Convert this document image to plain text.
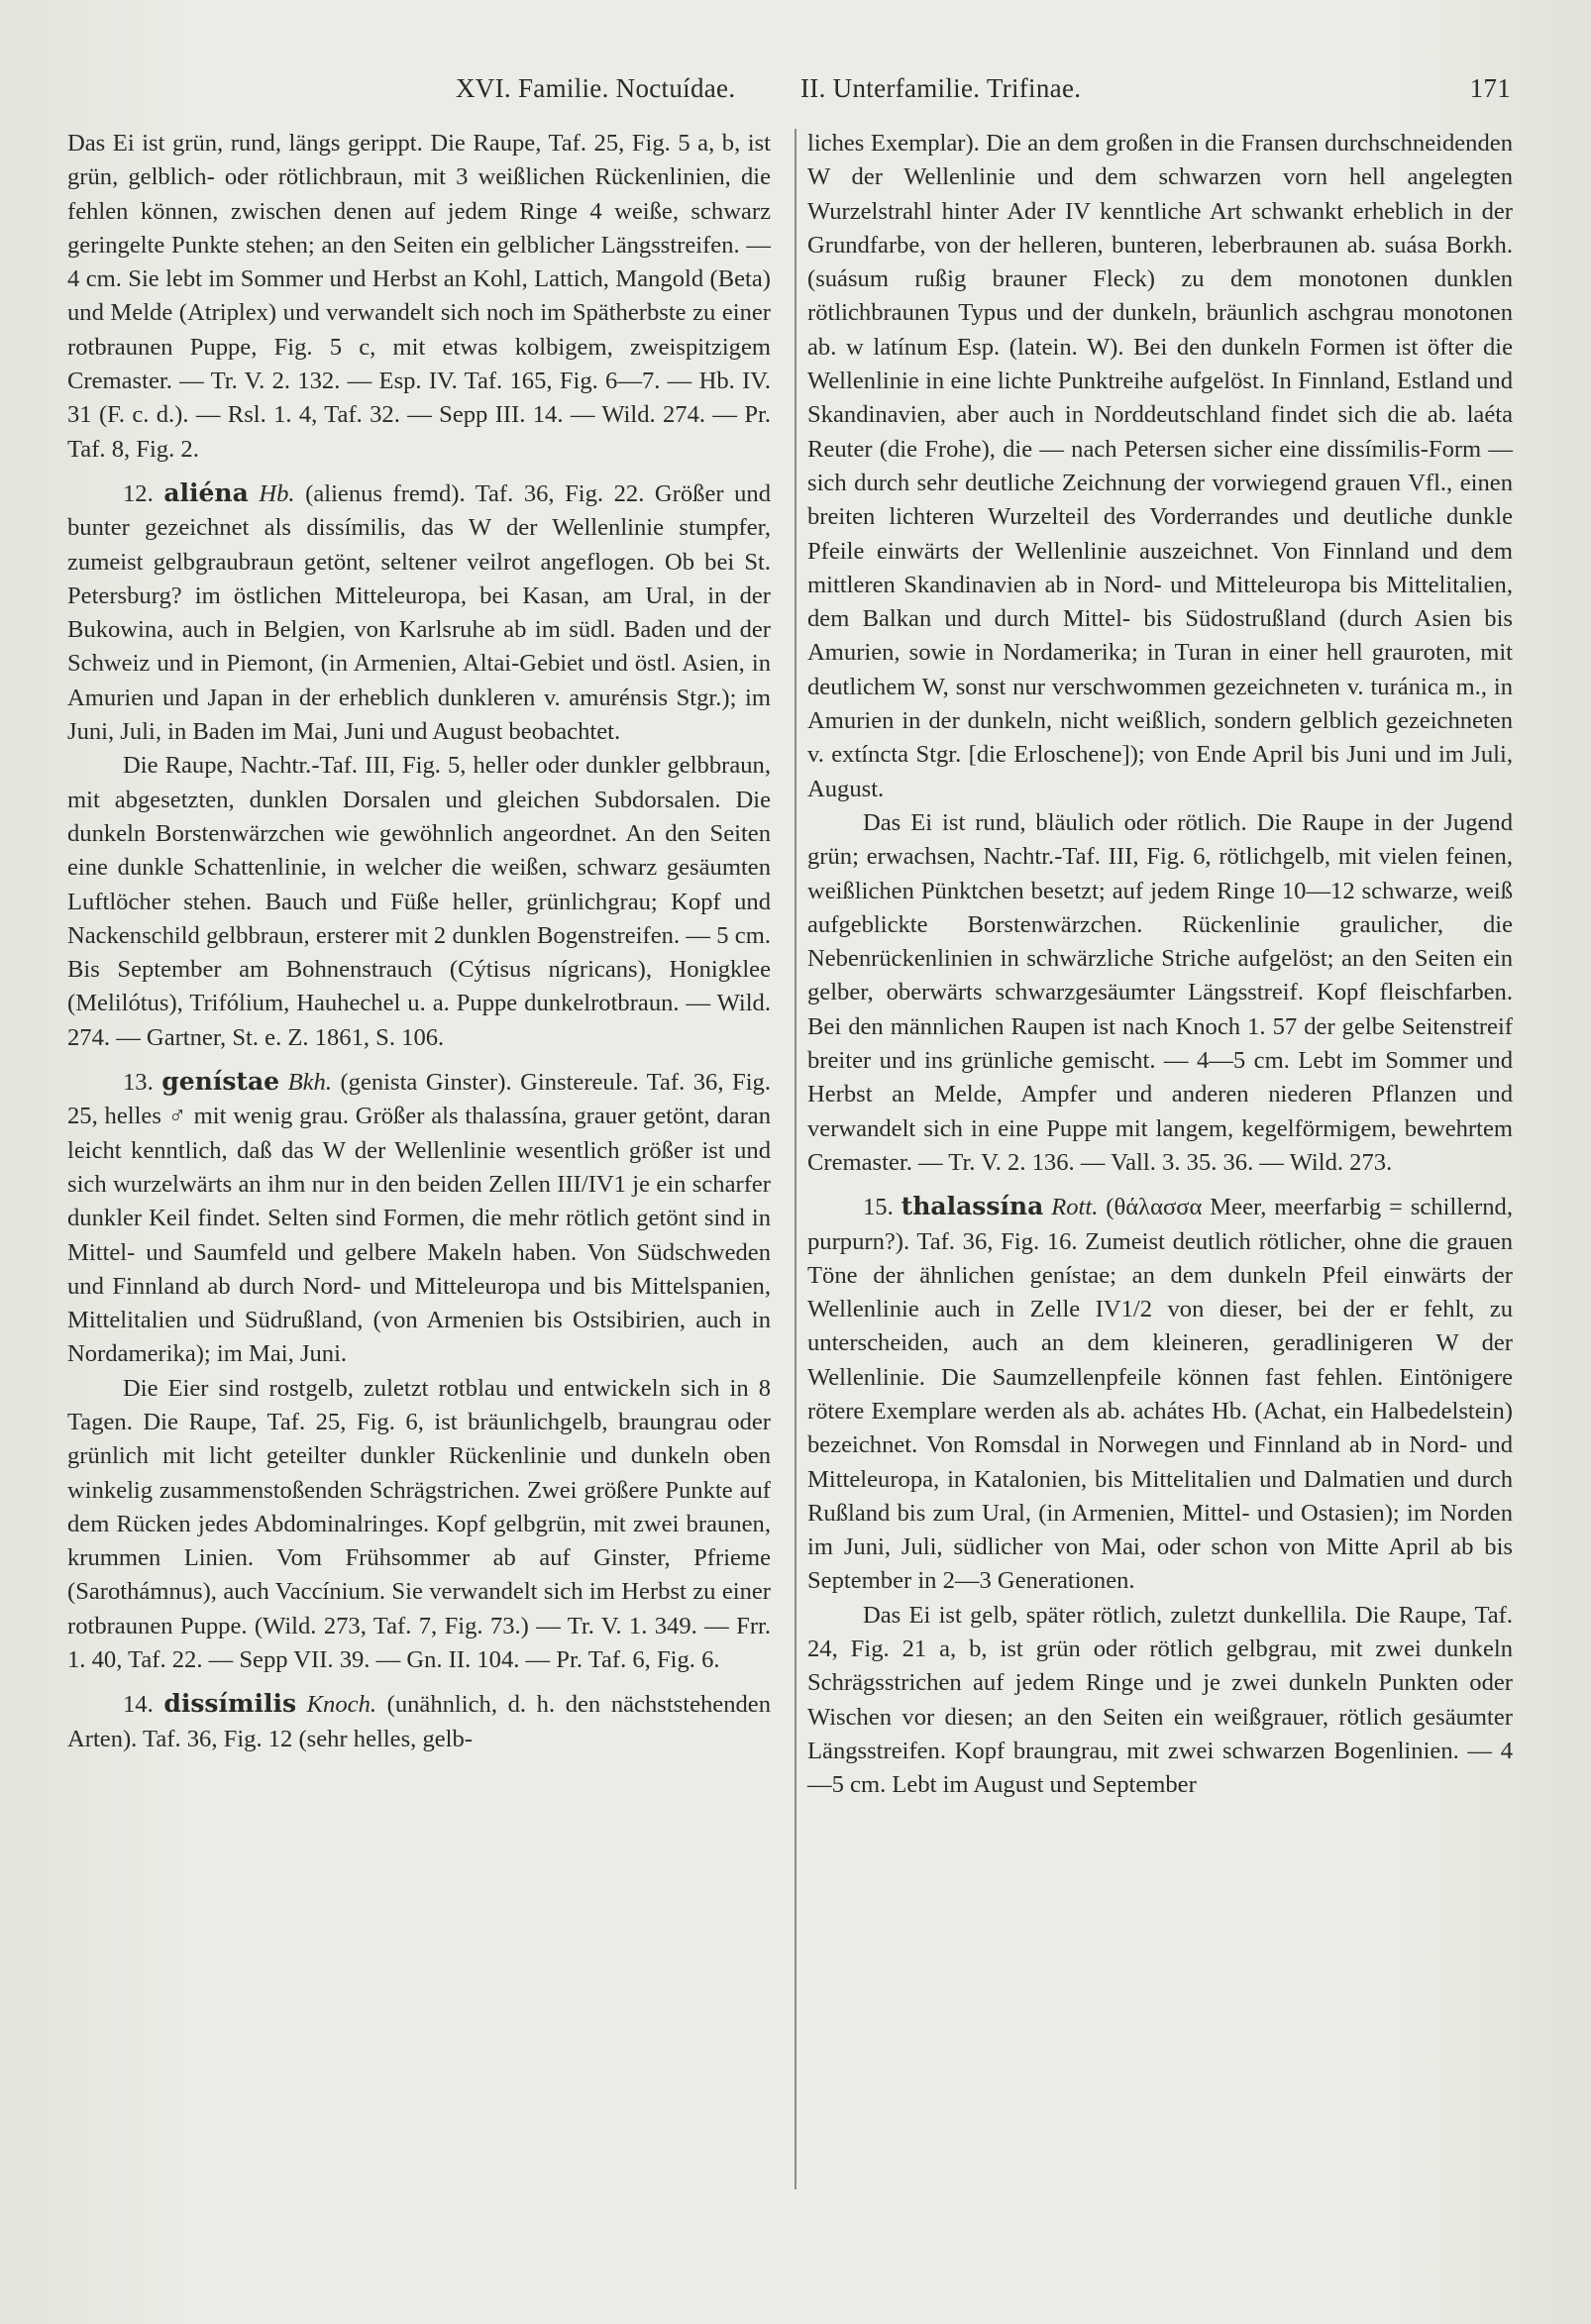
XVI. Familie. Noctuídae. II. Unterfamilie. Trifinae.	171

Das Ei ist grün, rund, längs gerippt. Die Raupe, Taf. 25, Fig. 5 a, b, ist grün, gelblich- oder rötlichbraun, mit 3 weißlichen Rückenlinien, die fehlen können, zwischen denen auf jedem Ringe 4 weiße, schwarz geringelte Punkte stehen; an den Seiten ein gelblicher Längsstreifen. — 4 cm. Sie lebt im Sommer und Herbst an Kohl, Lattich, Mangold (Beta) und Melde (Atriplex) und verwandelt sich noch im Spätherbste zu einer rotbraunen Puppe, Fig. 5 c, mit etwas kolbigem, zweispitzigem Cremaster. — Tr. V. 2. 132. — Esp. IV. Taf. 165, Fig. 6—7. — Hb. IV. 31 (F. c. d.). — Rsl. 1. 4, Taf. 32. — Sepp III. 14. — Wild. 274. — Pr. Taf. 8, Fig. 2.

12. aliéna Hb. (alienus fremd). Taf. 36, Fig. 22. Größer und bunter gezeichnet als dissímilis, das W der Wellenlinie stumpfer, zumeist gelbgraubraun getönt, seltener veilrot angeflogen. Ob bei St. Petersburg? im östlichen Mitteleuropa, bei Kasan, am Ural, in der Bukowina, auch in Belgien, von Karlsruhe ab im südl. Baden und der Schweiz und in Piemont, (in Armenien, Altai-Gebiet und östl. Asien, in Amurien und Japan in der erheblich dunkleren v. amurénsis Stgr.); im Juni, Juli, in Baden im Mai, Juni und August beobachtet.

Die Raupe, Nachtr.-Taf. III, Fig. 5, heller oder dunkler gelbbraun, mit abgesetzten, dunklen Dorsalen und gleichen Subdorsalen. Die dunkeln Borstenwärzchen wie gewöhnlich angeordnet. An den Seiten eine dunkle Schattenlinie, in welcher die weißen, schwarz gesäumten Luftlöcher stehen. Bauch und Füße heller, grünlichgrau; Kopf und Nackenschild gelbbraun, ersterer mit 2 dunklen Bogenstreifen. — 5 cm. Bis September am Bohnenstrauch (Cýtisus nígricans), Honigklee (Melilótus), Trifólium, Hauhechel u. a. Puppe dunkelrotbraun. — Wild. 274. — Gartner, St. e. Z. 1861, S. 106.

13. genístae Bkh. (genista Ginster). Ginstereule. Taf. 36, Fig. 25, helles ♂ mit wenig grau. Größer als thalassína, grauer getönt, daran leicht kenntlich, daß das W der Wellenlinie wesentlich größer ist und sich wurzelwärts an ihm nur in den beiden Zellen III/IV1 je ein scharfer dunkler Keil findet. Selten sind Formen, die mehr rötlich getönt sind in Mittel- und Saumfeld und gelbere Makeln haben. Von Südschweden und Finnland ab durch Nord- und Mitteleuropa und bis Mittelspanien, Mittelitalien und Südrußland, (von Armenien bis Ostsibirien, auch in Nordamerika); im Mai, Juni.

Die Eier sind rostgelb, zuletzt rotblau und entwickeln sich in 8 Tagen. Die Raupe, Taf. 25, Fig. 6, ist bräunlichgelb, braungrau oder grünlich mit licht geteilter dunkler Rückenlinie und dunkeln oben winkelig zusammenstoßenden Schrägstrichen. Zwei größere Punkte auf dem Rücken jedes Abdominalringes. Kopf gelbgrün, mit zwei braunen, krummen Linien. Vom Frühsommer ab auf Ginster, Pfrieme (Sarothámnus), auch Vaccínium. Sie verwandelt sich im Herbst zu einer rotbraunen Puppe. (Wild. 273, Taf. 7, Fig. 73.) — Tr. V. 1. 349. — Frr. 1. 40, Taf. 22. — Sepp VII. 39. — Gn. II. 104. — Pr. Taf. 6, Fig. 6.

14. dissímilis Knoch. (unähnlich, d. h. den nächststehenden Arten). Taf. 36, Fig. 12 (sehr helles, gelb-

liches Exemplar). Die an dem großen in die Fransen durchschneidenden W der Wellenlinie und dem schwarzen vorn hell angelegten Wurzelstrahl hinter Ader IV kenntliche Art schwankt erheblich in der Grundfarbe, von der helleren, bunteren, leberbraunen ab. suása Borkh. (suásum rußig brauner Fleck) zu dem monotonen dunklen rötlichbraunen Typus und der dunkeln, bräunlich aschgrau monotonen ab. w latínum Esp. (latein. W). Bei den dunkeln Formen ist öfter die Wellenlinie in eine lichte Punktreihe aufgelöst. In Finnland, Estland und Skandinavien, aber auch in Norddeutschland findet sich die ab. laéta Reuter (die Frohe), die — nach Petersen sicher eine dissímilis-Form — sich durch sehr deutliche Zeichnung der vorwiegend grauen Vfl., einen breiten lichteren Wurzelteil des Vorderrandes und deutliche dunkle Pfeile einwärts der Wellenlinie auszeichnet. Von Finnland und dem mittleren Skandinavien ab in Nord- und Mitteleuropa bis Mittelitalien, dem Balkan und durch Mittel- bis Südostrußland (durch Asien bis Amurien, sowie in Nordamerika; in Turan in einer hell grauroten, mit deutlichem W, sonst nur verschwommen gezeichneten v. turánica m., in Amurien in der dunkeln, nicht weißlich, sondern gelblich gezeichneten v. extíncta Stgr. [die Erloschene]); von Ende April bis Juni und im Juli, August.

Das Ei ist rund, bläulich oder rötlich. Die Raupe in der Jugend grün; erwachsen, Nachtr.-Taf. III, Fig. 6, rötlichgelb, mit vielen feinen, weißlichen Pünktchen besetzt; auf jedem Ringe 10—12 schwarze, weiß aufgeblickte Borstenwärzchen. Rückenlinie graulicher, die Nebenrückenlinien in schwärzliche Striche aufgelöst; an den Seiten ein gelber, oberwärts schwarzgesäumter Längsstreif. Kopf fleischfarben. Bei den männlichen Raupen ist nach Knoch 1. 57 der gelbe Seitenstreif breiter und ins grünliche gemischt. — 4—5 cm. Lebt im Sommer und Herbst an Melde, Ampfer und anderen niederen Pflanzen und verwandelt sich in eine Puppe mit langem, kegelförmigem, bewehrtem Cremaster. — Tr. V. 2. 136. — Vall. 3. 35. 36. — Wild. 273.

15. thalassína Rott. (θάλασσα Meer, meerfarbig = schillernd, purpurn?). Taf. 36, Fig. 16. Zumeist deutlich rötlicher, ohne die grauen Töne der ähnlichen genístae; an dem dunkeln Pfeil einwärts der Wellenlinie auch in Zelle IV1/2 von dieser, bei der er fehlt, zu unterscheiden, auch an dem kleineren, geradlinigeren W der Wellenlinie. Die Saumzellenpfeile können fast fehlen. Eintönigere rötere Exemplare werden als ab. achátes Hb. (Achat, ein Halbedelstein) bezeichnet. Von Romsdal in Norwegen und Finnland ab in Nord- und Mitteleuropa, in Katalonien, bis Mittelitalien und Dalmatien und durch Rußland bis zum Ural, (in Armenien, Mittel- und Ostasien); im Norden im Juni, Juli, südlicher von Mai, oder schon von Mitte April ab bis September in 2—3 Generationen.

Das Ei ist gelb, später rötlich, zuletzt dunkellila. Die Raupe, Taf. 24, Fig. 21 a, b, ist grün oder rötlich gelbgrau, mit zwei dunkeln Schrägsstrichen auf jedem Ringe und je zwei dunkeln Punkten oder Wischen vor diesen; an den Seiten ein weißgrauer, rötlich gesäumter Längsstreifen. Kopf braungrau, mit zwei schwarzen Bogenlinien. — 4—5 cm. Lebt im August und September
